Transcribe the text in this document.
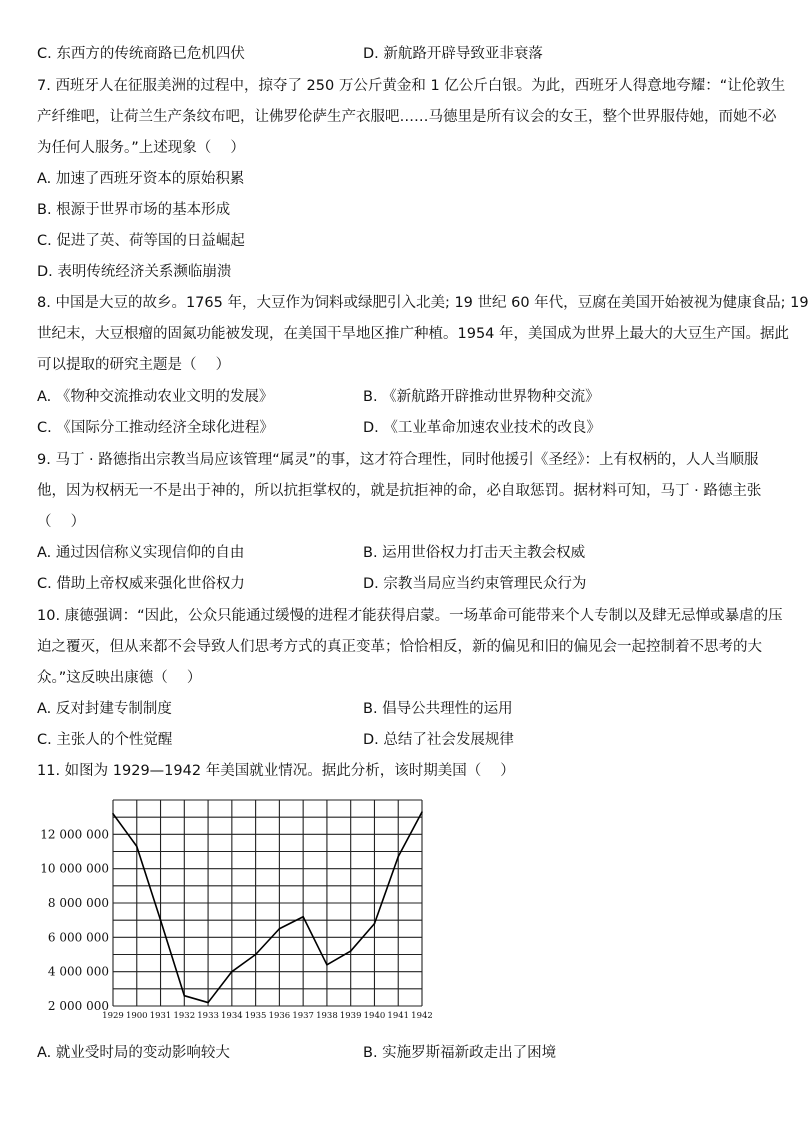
C. 东西方的传统商路已危机四伏	D. 新航路开辟导致亚非衰落
7. 西班牙人在征服美洲的过程中，掠夺了 250 万公斤黄金和 1 亿公斤白银。为此，西班牙人得意地夸耀：“让伦敦生
产纤维吧，让荷兰生产条纹布吧，让佛罗伦萨生产衣服吧……马德里是所有议会的女王，整个世界服侍她，而她不必
为任何人服务。”上述现象（　 ）
A. 加速了西班牙资本的原始积累
B. 根源于世界市场的基本形成
C. 促进了英、荷等国的日益崛起
D. 表明传统经济关系濒临崩溃
8. 中国是大豆的故乡。1765 年，大豆作为饲料或绿肥引入北美; 19 世纪 60 年代，豆腐在美国开始被视为健康食品; 19
世纪末，大豆根瘤的固氮功能被发现，在美国干旱地区推广种植。1954 年，美国成为世界上最大的大豆生产国。据此
可以提取的研究主题是（　 ）
A. 《物种交流推动农业文明的发展》	B. 《新航路开辟推动世界物种交流》
C. 《国际分工推动经济全球化进程》	D. 《工业革命加速农业技术的改良》
9. 马丁 · 路德指出宗教当局应该管理“属灵”的事，这才符合理性，同时他援引《圣经》：上有权柄的，人人当顺服
他，因为权柄无一不是出于神的，所以抗拒掌权的，就是抗拒神的命，必自取惩罚。据材料可知，马丁 · 路德主张
（　 ）
A. 通过因信称义实现信仰的自由	B. 运用世俗权力打击天主教会权威
C. 借助上帝权威来强化世俗权力	D. 宗教当局应当约束管理民众行为
10. 康德强调：“因此，公众只能通过缓慢的进程才能获得启蒙。一场革命可能带来个人专制以及肆无忌惮或暴虐的压
迫之覆灭，但从来都不会导致人们思考方式的真正变革；恰恰相反，新的偏见和旧的偏见会一起控制着不思考的大
众。”这反映出康德（　 ）
A. 反对封建专制制度	B. 倡导公共理性的运用
C. 主张人的个性觉醒	D. 总结了社会发展规律
11. 如图为 1929—1942 年美国就业情况。据此分析，该时期美国（　 ）
2 000 000
4 000 000
6 000 000
8 000 000
10 000 000
12 000 000
1929 1900 1931 1932 1933 1934 1935 1936 1937 1938 1939 1940 1941 1942
A. 就业受时局的变动影响较大	B. 实施罗斯福新政走出了困境
